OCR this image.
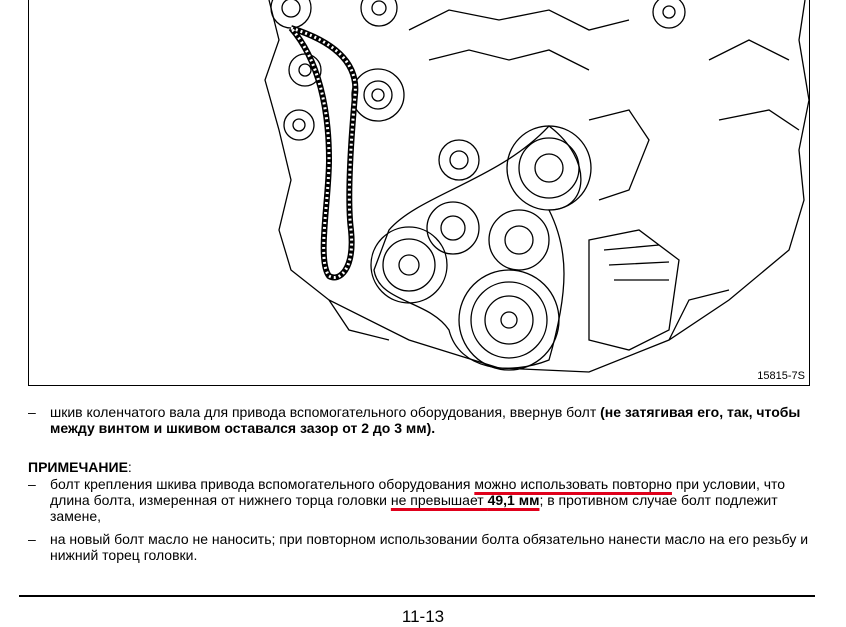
15815-7S
– шкив коленчатого вала для привода вспомогательного оборудования, ввернув болт (не затягивая его, так, чтобы между винтом и шкивом оставался зазор от 2 до 3 мм).
ПРИМЕЧАНИЕ:
– болт крепления шкива привода вспомогательного оборудования можно использовать повторно при условии, что длина болта, измеренная от нижнего торца головки не превышает 49,1 мм; в противном случае болт подлежит замене,
– на новый болт масло не наносить; при повторном использовании болта обязательно нанести масло на его резьбу и нижний торец головки.
11-13
